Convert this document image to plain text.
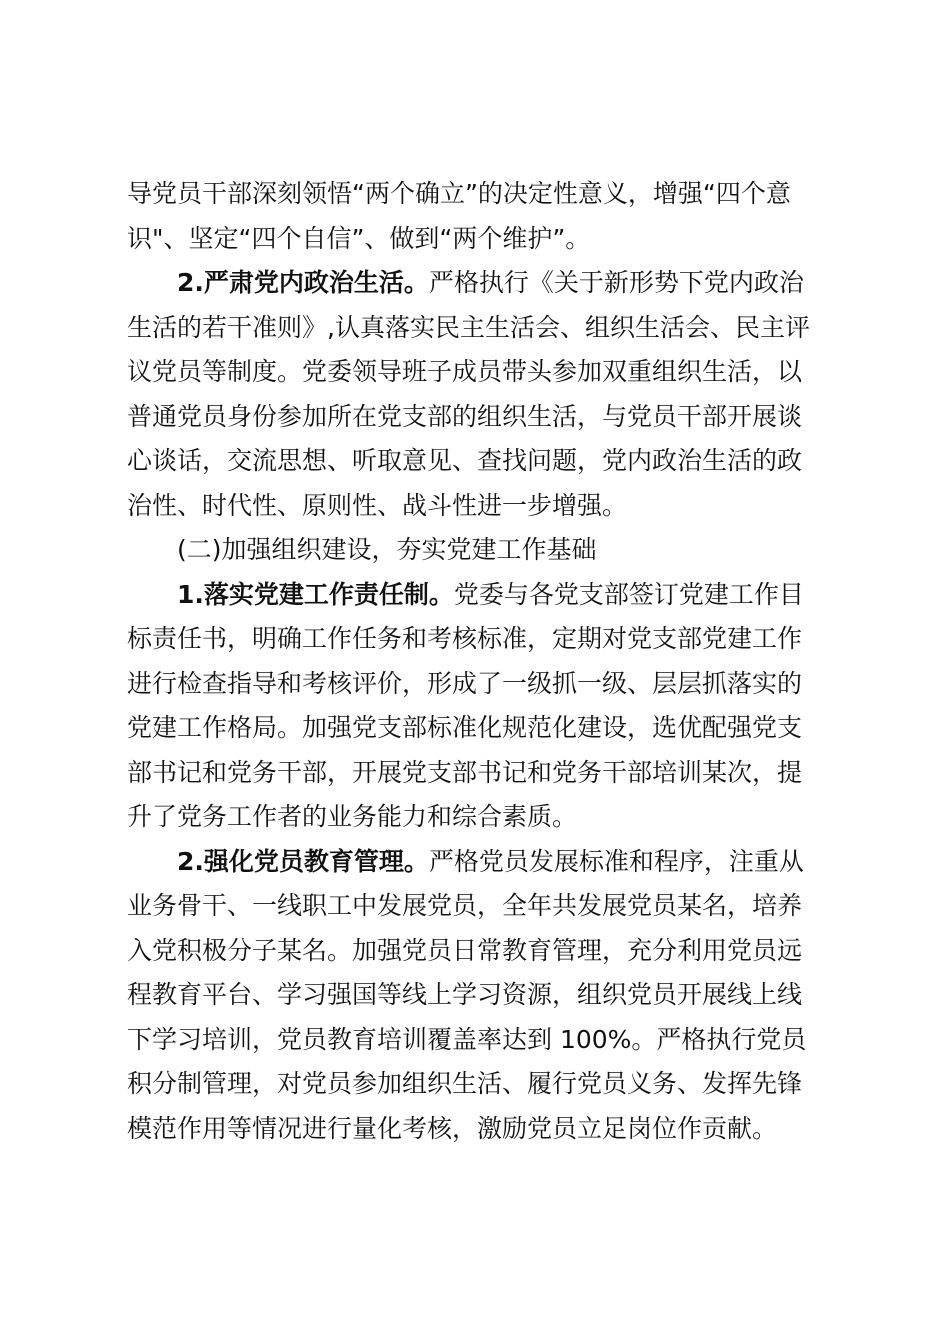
导党员干部深刻领悟“两个确立”的决定性意义，增强“四个意
识"、坚定“四个自信”、做到“两个维护”。
2.严肃党内政治生活。严格执行《关于新形势下党内政治
生活的若干准则》,认真落实民主生活会、组织生活会、民主评
议党员等制度。党委领导班子成员带头参加双重组织生活，以
普通党员身份参加所在党支部的组织生活，与党员干部开展谈
心谈话，交流思想、听取意见、查找问题，党内政治生活的政
治性、时代性、原则性、战斗性进一步增强。
(二)加强组织建设，夯实党建工作基础
1.落实党建工作责任制。党委与各党支部签订党建工作目
标责任书，明确工作任务和考核标准，定期对党支部党建工作
进行检查指导和考核评价，形成了一级抓一级、层层抓落实的
党建工作格局。加强党支部标准化规范化建设，选优配强党支
部书记和党务干部，开展党支部书记和党务干部培训某次，提
升了党务工作者的业务能力和综合素质。
2.强化党员教育管理。严格党员发展标准和程序，注重从
业务骨干、一线职工中发展党员，全年共发展党员某名，培养
入党积极分子某名。加强党员日常教育管理，充分利用党员远
程教育平台、学习强国等线上学习资源，组织党员开展线上线
下学习培训，党员教育培训覆盖率达到 100%。严格执行党员
积分制管理，对党员参加组织生活、履行党员义务、发挥先锋
模范作用等情况进行量化考核，激励党员立足岗位作贡献。
